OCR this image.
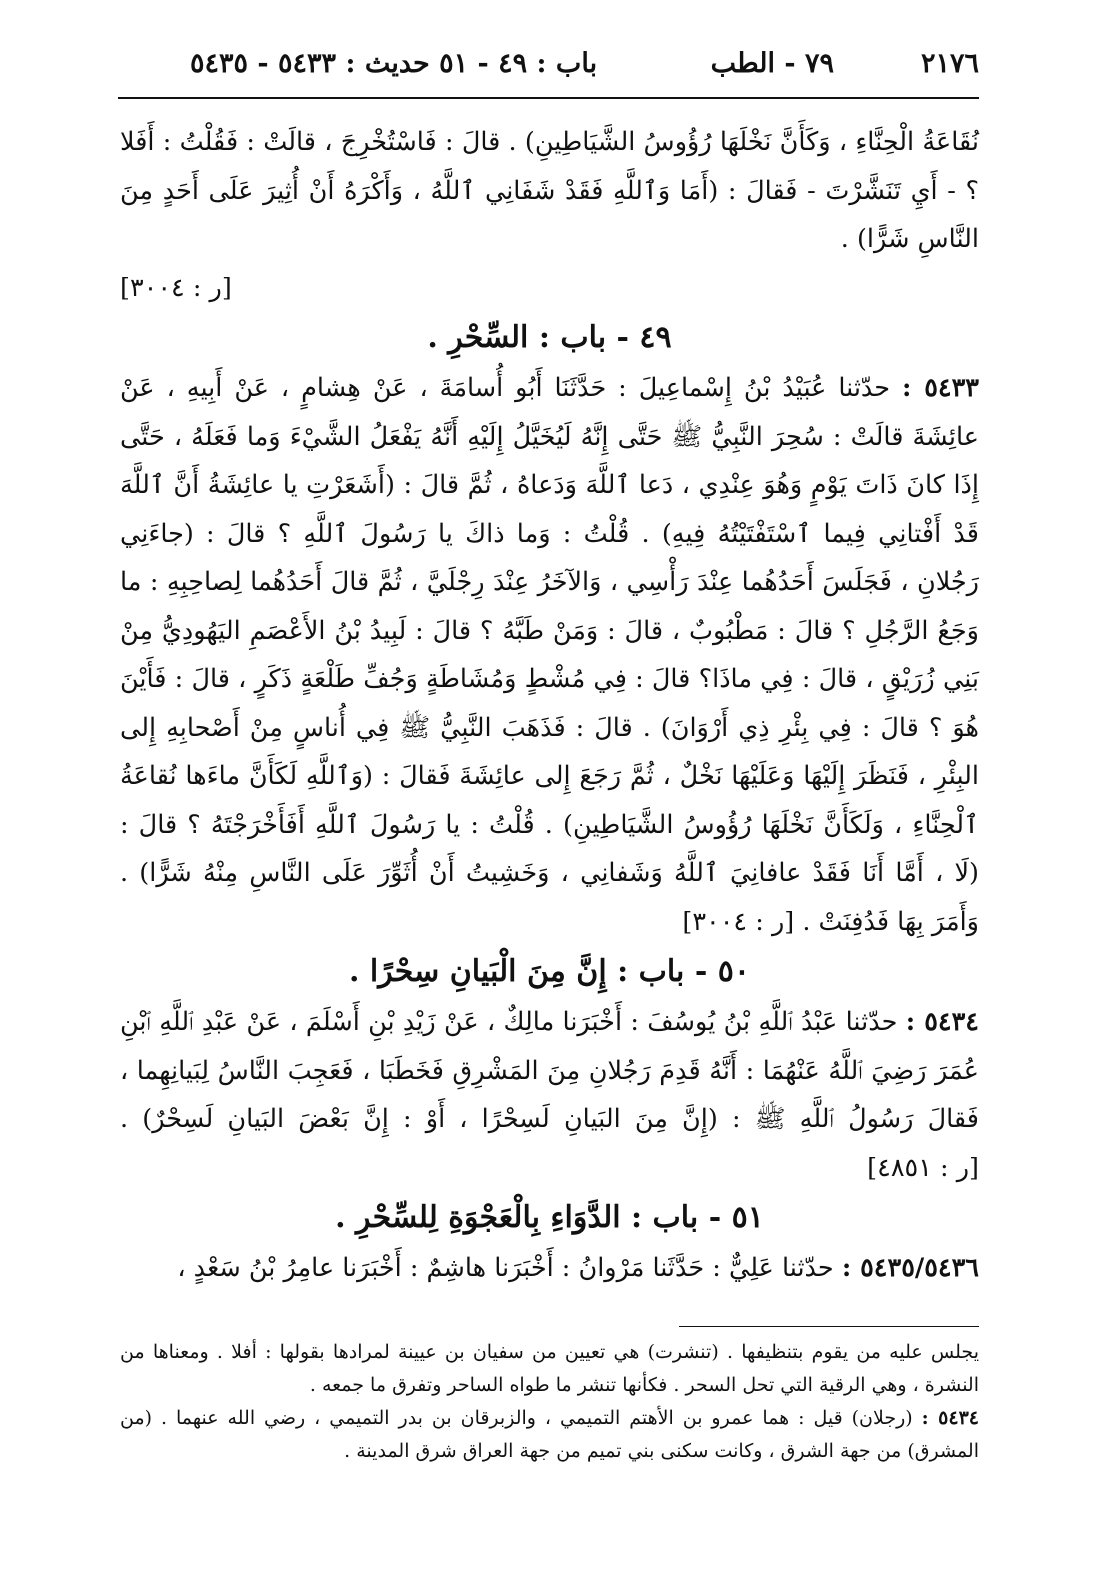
٢١٧٦
٧٩ - الطب
باب : ٤٩ - ٥١ حديث : ٥٤٣٣ - ٥٤٣٥

نُقَاعَةُ الْحِنَّاءِ ، وَكَأَنَّ نَخْلَهَا رُؤُوسُ الشَّيَاطِينِ) . قالَ : فَاسْتُخْرِجَ ، قالَتْ : فَقُلْتُ : أَفَلا ؟ - أَيِ تَنَشَّرْتَ - فَقالَ : (أَمَا وَٱللَّهِ فَقَدْ شَفَانِي ٱللَّهُ ، وَأَكْرَهُ أَنْ أُثِيرَ عَلَى أَحَدٍ مِنَ النَّاسِ شَرًّا) .

[ر : ٣٠٠٤]

٤٩ - باب : السِّحْرِ .

٥٤٣٣ : حدّثنا عُبَيْدُ بْنُ إِسْماعِيلَ : حَدَّثَنَا أَبُو أُسامَةَ ، عَنْ هِشامٍ ، عَنْ أَبِيهِ ، عَنْ عائِشَةَ قالَتْ : سُحِرَ النَّبِيُّ ﷺ حَتَّى إِنَّهُ لَيُخَيَّلُ إِلَيْهِ أَنَّهُ يَفْعَلُ الشَّيْءَ وَما فَعَلَهُ ، حَتَّى إِذَا كانَ ذَاتَ يَوْمٍ وَهُوَ عِنْدِي ، دَعا ٱللَّهَ وَدَعاهُ ، ثُمَّ قالَ : (أَشَعَرْتِ يا عائِشَةُ أَنَّ ٱللَّهَ قَدْ أَفْتانِي فِيما ٱسْتَفْتَيْتُهُ فِيهِ) . قُلْتُ : وَما ذاكَ يا رَسُولَ ٱللَّهِ ؟ قالَ : (جاءَنِي رَجُلانِ ، فَجَلَسَ أَحَدُهُما عِنْدَ رَأْسِي ، وَالآخَرُ عِنْدَ رِجْلَيَّ ، ثُمَّ قالَ أَحَدُهُما لِصاحِبِهِ : ما وَجَعُ الرَّجُلِ ؟ قالَ : مَطْبُوبٌ ، قالَ : وَمَنْ طَبَّهُ ؟ قالَ : لَبِيدُ بْنُ الأَعْصَمِ اليَهُودِيُّ مِنْ بَنِي زُرَيْقٍ ، قالَ : فِي ماذَا؟ قالَ : فِي مُشْطٍ وَمُشَاطَةٍ وَجُفِّ طَلْعَةٍ ذَكَرٍ ، قالَ : فَأَيْنَ هُوَ ؟ قالَ : فِي بِئْرِ ذِي أَرْوَانَ) . قالَ : فَذَهَبَ النَّبِيُّ ﷺ فِي أُناسٍ مِنْ أَصْحابِهِ إِلى البِئْرِ ، فَنَظَرَ إِلَيْهَا وَعَلَيْهَا نَخْلٌ ، ثُمَّ رَجَعَ إِلى عائِشَةَ فَقالَ : (وَٱللَّهِ لَكَأَنَّ ماءَها نُقاعَةُ ٱلْحِنَّاءِ ، وَلَكَأَنَّ نَخْلَهَا رُؤُوسُ الشَّيَاطِينِ) . قُلْتُ : يا رَسُولَ ٱللَّهِ أَفَأَخْرَجْتَهُ ؟ قالَ : (لَا ، أَمَّا أَنَا فَقَدْ عافانِيَ ٱللَّهُ وَشَفانِي ، وَخَشِيتُ أَنْ أُثَوِّرَ عَلَى النَّاسِ مِنْهُ شَرًّا) . وَأَمَرَ بِهَا فَدُفِنَتْ . [ر : ٣٠٠٤]

٥٠ - باب : إِنَّ مِنَ الْبَيانِ سِحْرًا .

٥٤٣٤ : حدّثنا عَبْدُ ٱللَّهِ بْنُ يُوسُفَ : أَخْبَرَنا مالِكٌ ، عَنْ زَيْدِ بْنِ أَسْلَمَ ، عَنْ عَبْدِ ٱللَّهِ ٱبْنِ عُمَرَ رَضِيَ ٱللَّهُ عَنْهُمَا : أَنَّهُ قَدِمَ رَجُلانِ مِنَ المَشْرِقِ فَخَطَبَا ، فَعَجِبَ النَّاسُ لِبَيانِهِما ، فَقالَ رَسُولُ ٱللَّهِ ﷺ : (إِنَّ مِنَ البَيانِ لَسِحْرًا ، أَوْ : إِنَّ بَعْضَ البَيانِ لَسِحْرٌ) . [ر : ٤٨٥١]

٥١ - باب : الدَّوَاءِ بِالْعَجْوَةِ لِلسِّحْرِ .

٥٤٣٥/٥٤٣٦ : حدّثنا عَلِيٌّ : حَدَّثَنا مَرْوانُ : أَخْبَرَنا هاشِمٌ : أَخْبَرَنا عامِرُ بْنُ سَعْدٍ ،

يجلس عليه من يقوم بتنظيفها . (تنشرت) هي تعيين من سفيان بن عيينة لمرادها بقولها : أفلا . ومعناها من النشرة ، وهي الرقية التي تحل السحر . فكأنها تنشر ما طواه الساحر وتفرق ما جمعه .

٥٤٣٤ : (رجلان) قيل : هما عمرو بن الأهتم التميمي ، والزبرقان بن بدر التميمي ، رضي الله عنهما . (من المشرق) من جهة الشرق ، وكانت سكنى بني تميم من جهة العراق شرق المدينة .
